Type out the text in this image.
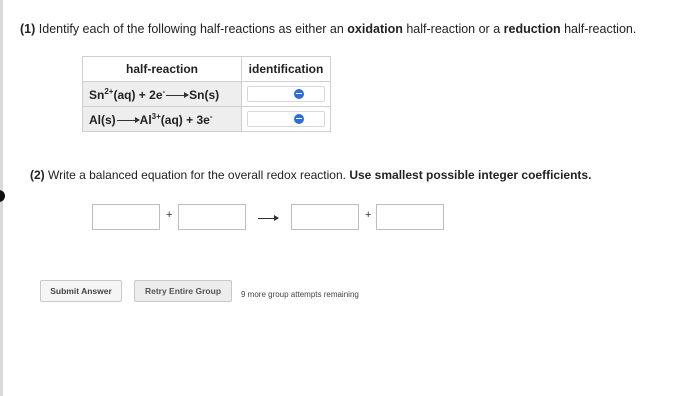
(1) Identify each of the following half-reactions as either an oxidation half-reaction or a reduction half-reaction.
half-reaction	identification
$Sn^{2+}(aq) + 2e^-\to Sn(s)$	

$Al(s)\to Al^{3+}(aq) + 3e^-$	
(2) Write a balanced equation for the overall redox reaction. Use smallest possible integer coefficients.
+	+
Submit Answer	Retry Entire Group	9 more group attempts remaining
